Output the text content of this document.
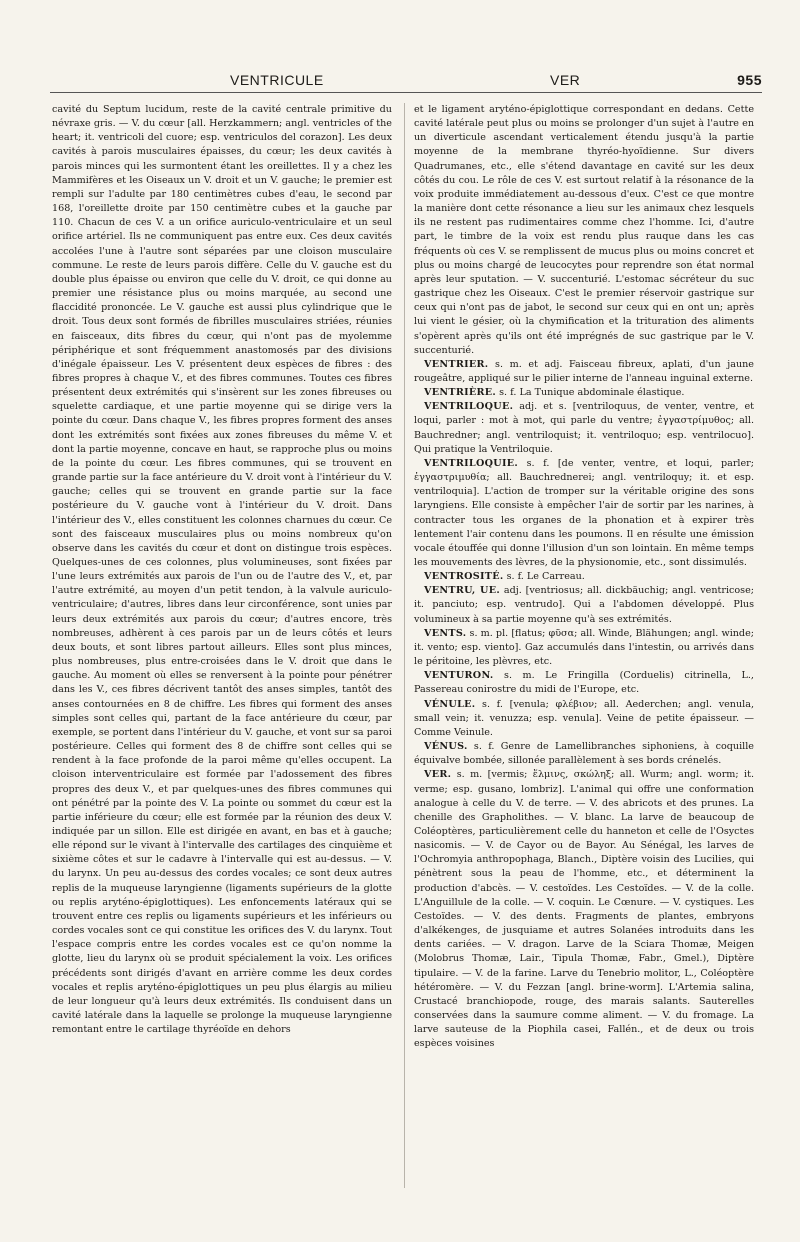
VENTRICULE	VER	955

cavité du Septum lucidum, reste de la cavité centrale primitive du névraxe gris. — V. du cœur [all. Herzkammern; angl. ventricles of the heart; it. ventricoli del cuore; esp. ventriculos del corazon]. Les deux cavités à parois musculaires épaisses, du cœur; les deux cavités à parois minces qui les surmontent étant les oreillettes. Il y a chez les Mammifères et les Oiseaux un V. droit et un V. gauche; le premier est rempli sur l'adulte par 180 centimètres cubes d'eau, le second par 168, l'oreillette droite par 150 centimètre cubes et la gauche par 110. Chacun de ces V. a un orifice auriculo-ventriculaire et un seul orifice artériel. Ils ne communiquent pas entre eux. Ces deux cavités accolées l'une à l'autre sont séparées par une cloison musculaire commune. Le reste de leurs parois diffère. Celle du V. gauche est du double plus épaisse ou environ que celle du V. droit, ce qui donne au premier une résistance plus ou moins marquée, au second une flaccidité prononcée. Le V. gauche est aussi plus cylindrique que le droit. Tous deux sont formés de fibrilles musculaires striées, réunies en faisceaux, dits fibres du cœur, qui n'ont pas de myolemme périphérique et sont fréquemment anastomosés par des divisions d'inégale épaisseur. Les V. présentent deux espèces de fibres : des fibres propres à chaque V., et des fibres communes. Toutes ces fibres présentent deux extrémités qui s'insèrent sur les zones fibreuses ou squelette cardiaque, et une partie moyenne qui se dirige vers la pointe du cœur. Dans chaque V., les fibres propres forment des anses dont les extrémités sont fixées aux zones fibreuses du même V. et dont la partie moyenne, concave en haut, se rapproche plus ou moins de la pointe du cœur. Les fibres communes, qui se trouvent en grande partie sur la face antérieure du V. droit vont à l'intérieur du V. gauche; celles qui se trouvent en grande partie sur la face postérieure du V. gauche vont à l'intérieur du V. droit. Dans l'intérieur des V., elles constituent les colonnes charnues du cœur. Ce sont des faisceaux musculaires plus ou moins nombreux qu'on observe dans les cavités du cœur et dont on distingue trois espèces. Quelques-unes de ces colonnes, plus volumineuses, sont fixées par l'une leurs extrémités aux parois de l'un ou de l'autre des V., et, par l'autre extrémité, au moyen d'un petit tendon, à la valvule auriculo-ventriculaire; d'autres, libres dans leur circonférence, sont unies par leurs deux extrémités aux parois du cœur; d'autres encore, très nombreuses, adhèrent à ces parois par un de leurs côtés et leurs deux bouts, et sont libres partout ailleurs. Elles sont plus minces, plus nombreuses, plus entre-croisées dans le V. droit que dans le gauche. Au moment où elles se renversent à la pointe pour pénétrer dans les V., ces fibres décrivent tantôt des anses simples, tantôt des anses contournées en 8 de chiffre. Les fibres qui forment des anses simples sont celles qui, partant de la face antérieure du cœur, par exemple, se portent dans l'intérieur du V. gauche, et vont sur sa paroi postérieure. Celles qui forment des 8 de chiffre sont celles qui se rendent à la face profonde de la paroi même qu'elles occupent. La cloison interventriculaire est formée par l'adossement des fibres propres des deux V., et par quelques-unes des fibres communes qui ont pénétré par la pointe des V. La pointe ou sommet du cœur est la partie inférieure du cœur; elle est formée par la réunion des deux V. indiquée par un sillon. Elle est dirigée en avant, en bas et à gauche; elle répond sur le vivant à l'intervalle des cartilages des cinquième et sixième côtes et sur le cadavre à l'intervalle qui est au-dessus. — V. du larynx. Un peu au-dessus des cordes vocales; ce sont deux autres replis de la muqueuse laryngienne (ligaments supérieurs de la glotte ou replis aryténo-épiglottiques). Les enfoncements latéraux qui se trouvent entre ces replis ou ligaments supérieurs et les inférieurs ou cordes vocales sont ce qui constitue les orifices des V. du larynx. Tout l'espace compris entre les cordes vocales est ce qu'on nomme la glotte, lieu du larynx où se produit spécialement la voix. Les orifices précédents sont dirigés d'avant en arrière comme les deux cordes vocales et replis aryténo-épiglottiques un peu plus élargis au milieu de leur longueur qu'à leurs deux extrémités. Ils conduisent dans un cavité latérale dans la laquelle se prolonge la muqueuse laryngienne remontant entre le cartilage thyréoïde en dehors

et le ligament aryténo-épiglottique correspondant en dedans. Cette cavité latérale peut plus ou moins se prolonger d'un sujet à l'autre en un diverticule ascendant verticalement étendu jusqu'à la partie moyenne de la membrane thyréo-hyoïdienne. Sur divers Quadrumanes, etc., elle s'étend davantage en cavité sur les deux côtés du cou. Le rôle de ces V. est surtout relatif à la résonance de la voix produite immédiatement au-dessous d'eux. C'est ce que montre la manière dont cette résonance a lieu sur les animaux chez lesquels ils ne restent pas rudimentaires comme chez l'homme. Ici, d'autre part, le timbre de la voix est rendu plus rauque dans les cas fréquents où ces V. se remplissent de mucus plus ou moins concret et plus ou moins chargé de leucocytes pour reprendre son état normal après leur sputation. — V. succenturié. L'estomac sécréteur du suc gastrique chez les Oiseaux. C'est le premier réservoir gastrique sur ceux qui n'ont pas de jabot, le second sur ceux qui en ont un; après lui vient le gésier, où la chymification et la trituration des aliments s'opèrent après qu'ils ont été imprégnés de suc gastrique par le V. succenturié.

VENTRIER. s. m. et adj. Faisceau fibreux, aplati, d'un jaune rougeâtre, appliqué sur le pilier interne de l'anneau inguinal externe.

VENTRIÈRE. s. f. La Tunique abdominale élastique.

VENTRILOQUE. adj. et s. [ventriloquus, de venter, ventre, et loqui, parler : mot à mot, qui parle du ventre; ἐγγαστρίμυθος; all. Bauchredner; angl. ventriloquist; it. ventriloquo; esp. ventrilocuo]. Qui pratique la Ventriloquie.

VENTRILOQUIE. s. f. [de venter, ventre, et loqui, parler; ἐγγαστριμυθία; all. Bauchrednerei; angl. ventriloquy; it. et esp. ventriloquia]. L'action de tromper sur la véritable origine des sons laryngiens. Elle consiste à empêcher l'air de sortir par les narines, à contracter tous les organes de la phonation et à expirer très lentement l'air contenu dans les poumons. Il en résulte une émission vocale étouffée qui donne l'illusion d'un son lointain. En même temps les mouvements des lèvres, de la physionomie, etc., sont dissimulés.

VENTROSITÉ. s. f. Le Carreau.

VENTRU, UE. adj. [ventriosus; all. dickbäuchig; angl. ventricose; it. panciuto; esp. ventrudo]. Qui a l'abdomen développé. Plus volumineux à sa partie moyenne qu'à ses extrémités.

VENTS. s. m. pl. [flatus; φῦσα; all. Winde, Blähungen; angl. winde; it. vento; esp. viento]. Gaz accumulés dans l'intestin, ou arrivés dans le péritoine, les plèvres, etc.

VENTURON. s. m. Le Fringilla (Corduelis) citrinella, L., Passereau conirostre du midi de l'Europe, etc.

VÉNULE. s. f. [venula; φλέβιον; all. Aederchen; angl. venula, small vein; it. venuzza; esp. venula]. Veine de petite épaisseur. — Comme Veinule.

VÉNUS. s. f. Genre de Lamellibranches siphoniens, à coquille équivalve bombée, sillonée parallèlement à ses bords crénelés.

VER. s. m. [vermis; ἕλμινς, σκώληξ; all. Wurm; angl. worm; it. verme; esp. gusano, lombriz]. L'animal qui offre une conformation analogue à celle du V. de terre. — V. des abricots et des prunes. La chenille des Grapholithes. — V. blanc. La larve de beaucoup de Coléoptères, particulièrement celle du hanneton et celle de l'Osyctes nasicomis. — V. de Cayor ou de Bayor. Au Sénégal, les larves de l'Ochromyia anthropophaga, Blanch., Diptère voisin des Lucilies, qui pénètrent sous la peau de l'homme, etc., et déterminent la production d'abcès. — V. cestoïdes. Les Cestoïdes. — V. de la colle. L'Anguillule de la colle. — V. coquin. Le Cœnure. — V. cystiques. Les Cestoïdes. — V. des dents. Fragments de plantes, embryons d'alkékenges, de jusquiame et autres Solanées introduits dans les dents cariées. — V. dragon. Larve de la Sciara Thomæ, Meigen (Molobrus Thomæ, Lair., Tipula Thomæ, Fabr., Gmel.), Diptère tipulaire. — V. de la farine. Larve du Tenebrio molitor, L., Coléoptère hétéromère. — V. du Fezzan [angl. brine-worm]. L'Artemia salina, Crustacé branchiopode, rouge, des marais salants. Sauterelles conservées dans la saumure comme aliment. — V. du fromage. La larve sauteuse de la Piophila casei, Fallén., et de deux ou trois espèces voisines
